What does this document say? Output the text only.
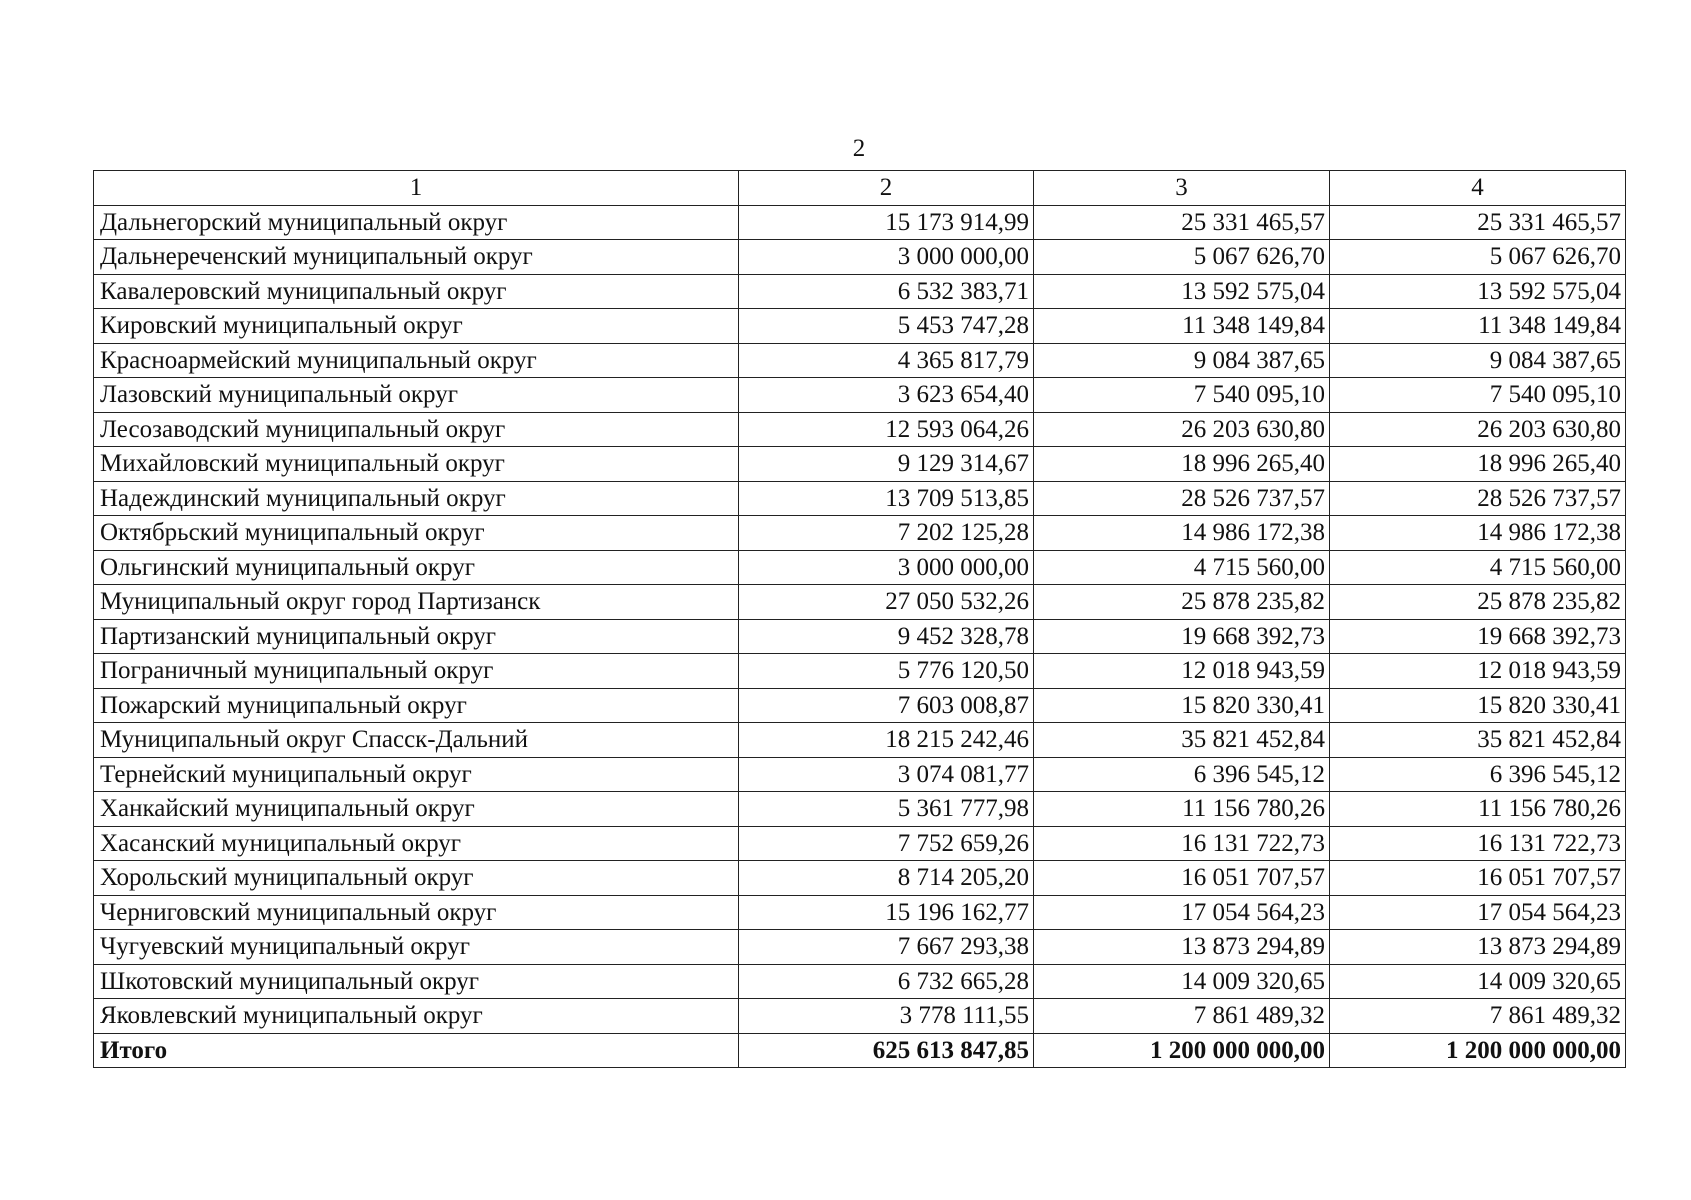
2
1	2	3	4
Дальнегорский муниципальный округ	15 173 914,99	25 331 465,57	25 331 465,57
Дальнереченский муниципальный округ	3 000 000,00	5 067 626,70	5 067 626,70
Кавалеровский муниципальный округ	6 532 383,71	13 592 575,04	13 592 575,04
Кировский муниципальный округ	5 453 747,28	11 348 149,84	11 348 149,84
Красноармейский муниципальный округ	4 365 817,79	9 084 387,65	9 084 387,65
Лазовский муниципальный округ	3 623 654,40	7 540 095,10	7 540 095,10
Лесозаводский муниципальный округ	12 593 064,26	26 203 630,80	26 203 630,80
Михайловский муниципальный округ	9 129 314,67	18 996 265,40	18 996 265,40
Надеждинский муниципальный округ	13 709 513,85	28 526 737,57	28 526 737,57
Октябрьский муниципальный округ	7 202 125,28	14 986 172,38	14 986 172,38
Ольгинский муниципальный округ	3 000 000,00	4 715 560,00	4 715 560,00
Муниципальный округ город Партизанск	27 050 532,26	25 878 235,82	25 878 235,82
Партизанский муниципальный округ	9 452 328,78	19 668 392,73	19 668 392,73
Пограничный муниципальный округ	5 776 120,50	12 018 943,59	12 018 943,59
Пожарский муниципальный округ	7 603 008,87	15 820 330,41	15 820 330,41
Муниципальный округ Спасск-Дальний	18 215 242,46	35 821 452,84	35 821 452,84
Тернейский муниципальный округ	3 074 081,77	6 396 545,12	6 396 545,12
Ханкайский муниципальный округ	5 361 777,98	11 156 780,26	11 156 780,26
Хасанский муниципальный округ	7 752 659,26	16 131 722,73	16 131 722,73
Хорольский муниципальный округ	8 714 205,20	16 051 707,57	16 051 707,57
Черниговский муниципальный округ	15 196 162,77	17 054 564,23	17 054 564,23
Чугуевский муниципальный округ	7 667 293,38	13 873 294,89	13 873 294,89
Шкотовский муниципальный округ	6 732 665,28	14 009 320,65	14 009 320,65
Яковлевский муниципальный округ	3 778 111,55	7 861 489,32	7 861 489,32
Итого	625 613 847,85	1 200 000 000,00	1 200 000 000,00
